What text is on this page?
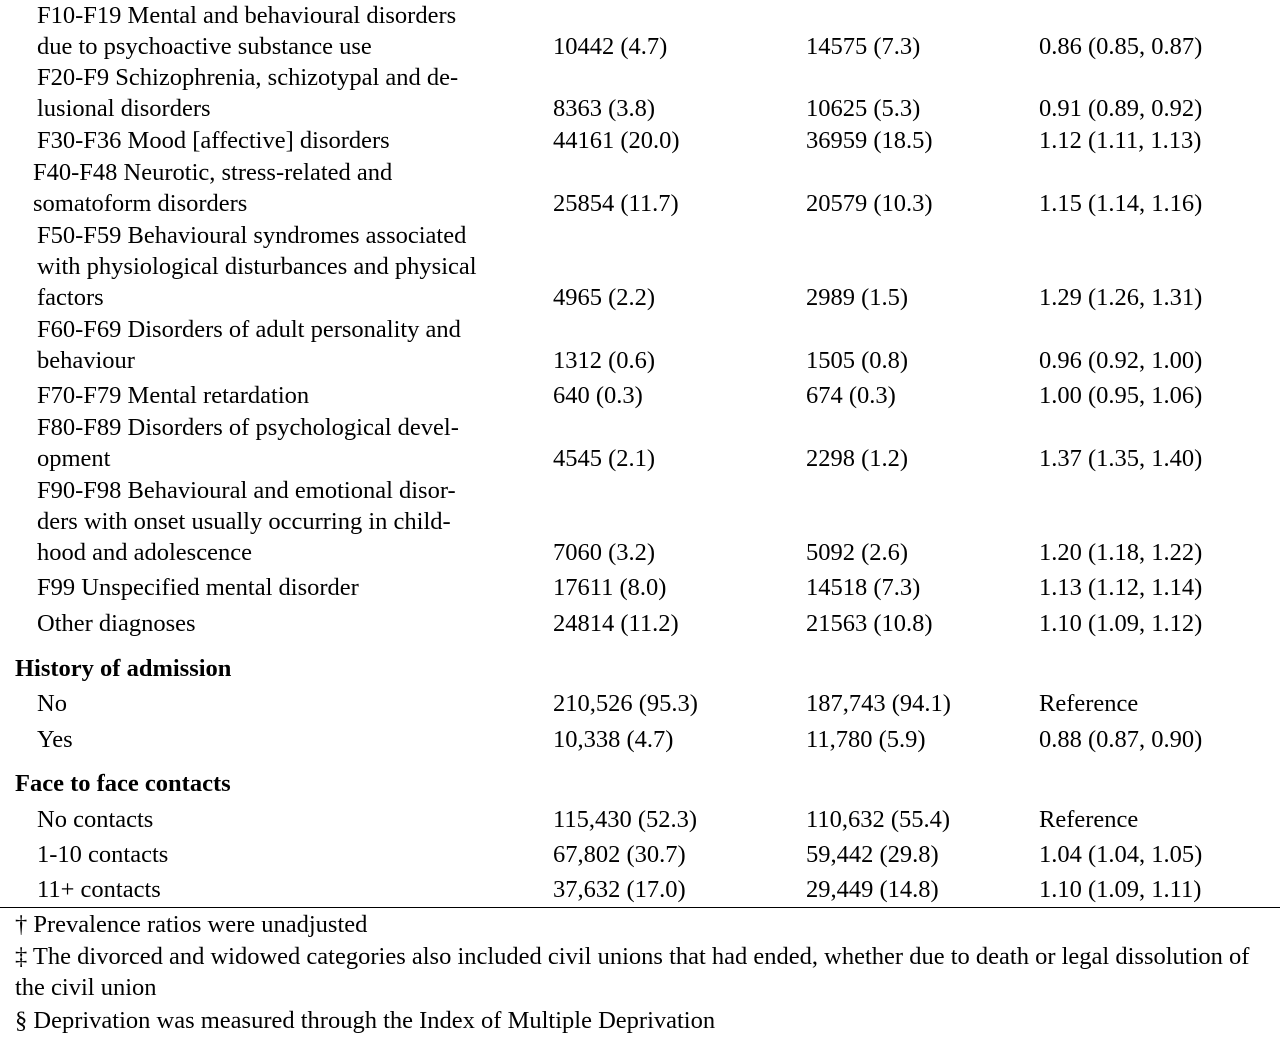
F10-F19 Mental and behavioural disorders
due to psychoactive substance use	10442 (4.7)	14575 (7.3)	0.86 (0.85, 0.87)
F20-F9 Schizophrenia, schizotypal and de-
lusional disorders	8363 (3.8)	10625 (5.3)	0.91 (0.89, 0.92)
F30-F36 Mood [affective] disorders	44161 (20.0)	36959 (18.5)	1.12 (1.11, 1.13)
F40-F48 Neurotic, stress-related and
somatoform disorders	25854 (11.7)	20579 (10.3)	1.15 (1.14, 1.16)
F50-F59 Behavioural syndromes associated
with physiological disturbances and physical
factors	4965 (2.2)	2989 (1.5)	1.29 (1.26, 1.31)
F60-F69 Disorders of adult personality and
behaviour	1312 (0.6)	1505 (0.8)	0.96 (0.92, 1.00)
F70-F79 Mental retardation	640 (0.3)	674 (0.3)	1.00 (0.95, 1.06)
F80-F89 Disorders of psychological devel-
opment	4545 (2.1)	2298 (1.2)	1.37 (1.35, 1.40)
F90-F98 Behavioural and emotional disor-
ders with onset usually occurring in child-
hood and adolescence	7060 (3.2)	5092 (2.6)	1.20 (1.18, 1.22)
F99 Unspecified mental disorder	17611 (8.0)	14518 (7.3)	1.13 (1.12, 1.14)
Other diagnoses	24814 (11.2)	21563 (10.8)	1.10 (1.09, 1.12)
History of admission
No	210,526 (95.3)	187,743 (94.1)	Reference
Yes	10,338 (4.7)	11,780 (5.9)	0.88 (0.87, 0.90)
Face to face contacts
No contacts	115,430 (52.3)	110,632 (55.4)	Reference
1-10 contacts	67,802 (30.7)	59,442 (29.8)	1.04 (1.04, 1.05)
11+ contacts	37,632 (17.0)	29,449 (14.8)	1.10 (1.09, 1.11)
† Prevalence ratios were unadjusted
‡ The divorced and widowed categories also included civil unions that had ended, whether due to death or legal dissolution of the civil union
§ Deprivation was measured through the Index of Multiple Deprivation
